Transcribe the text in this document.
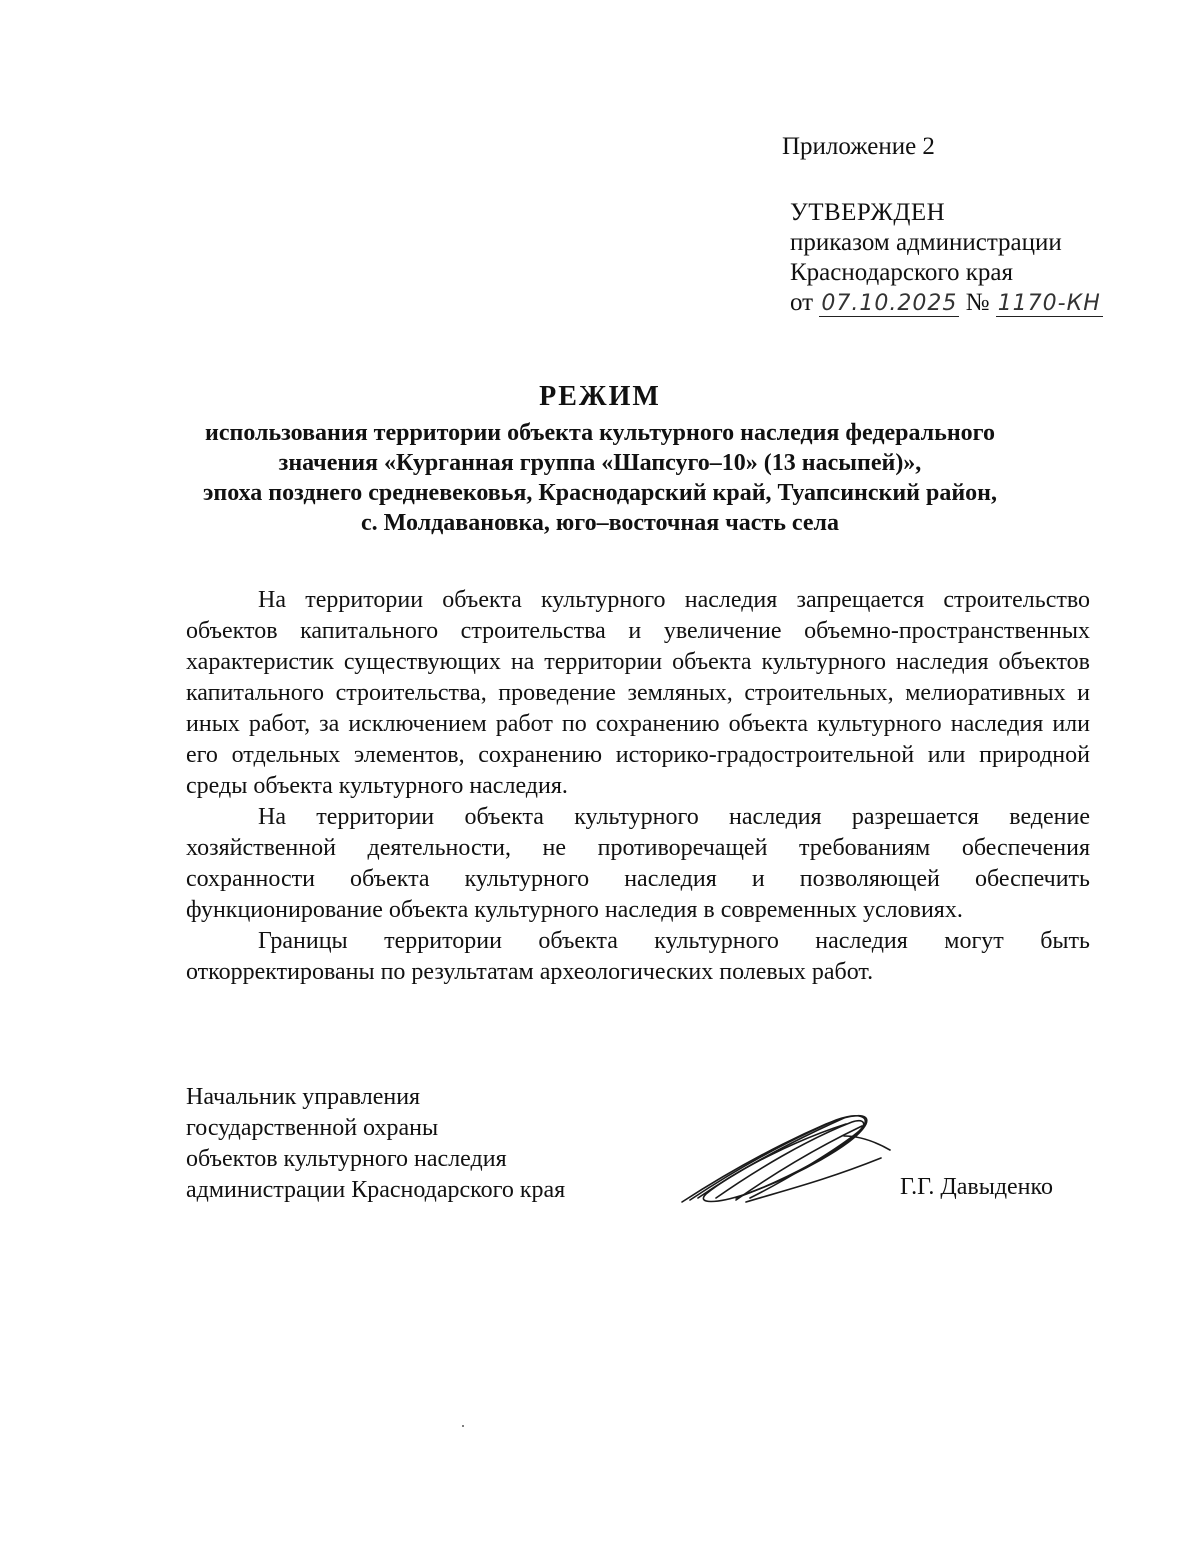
Приложение 2
УТВЕРЖДЕН
приказом администрации
Краснодарского края
от 07.10.2025 № 1170-КН
РЕЖИМ
использования территории объекта культурного наследия федерального
значения «Курганная группа «Шапсуго–10» (13 насыпей)»,
эпоха позднего средневековья, Краснодарский край, Туапсинский район,
с. Молдавановка, юго–восточная часть села

На территории объекта культурного наследия запрещается строительство объектов капитального строительства и увеличение объемно-пространственных характеристик существующих на территории объекта культурного наследия объектов капитального строительства, проведение земляных, строительных, мелиоративных и иных работ, за исключением работ по сохранению объекта культурного наследия или его отдельных элементов, сохранению историко-градостроительной или природной среды объекта культурного наследия.

На территории объекта культурного наследия разрешается ведение хозяйственной деятельности, не противоречащей требованиям обеспечения сохранности объекта культурного наследия и позволяющей обеспечить функционирование объекта культурного наследия в современных условиях.

Границы территории объекта культурного наследия могут быть откорректированы по результатам археологических полевых работ.

Начальник управления
государственной охраны
объектов культурного наследия
администрации Краснодарского края	Г.Г. Давыденко
